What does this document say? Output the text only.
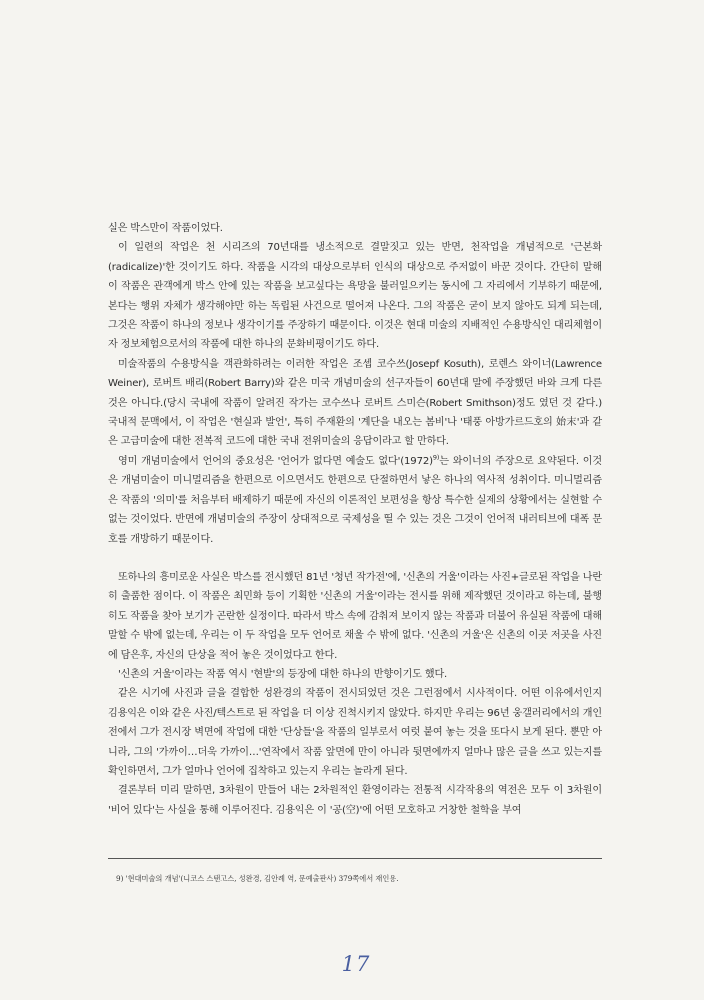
실은 박스만이 작품이었다.

이 일련의 작업은 천 시리즈의 70년대를 냉소적으로 결말짓고 있는 반면, 천작업을 개념적으로 '근본화(radicalize)'한 것이기도 하다. 작품을 시각의 대상으로부터 인식의 대상으로 주저없이 바꾼 것이다. 간단히 말해 이 작품은 관객에게 박스 안에 있는 작품을 보고싶다는 욕망을 불러일으키는 동시에 그 자리에서 기부하기 때문에, 본다는 행위 자체가 생각해야만 하는 독립된 사건으로 떨어져 나온다. 그의 작품은 굳이 보지 않아도 되게 되는데, 그것은 작품이 하나의 정보나 생각이기를 주장하기 때문이다. 이것은 현대 미술의 지배적인 수용방식인 대리체험이자 정보체험으로서의 작품에 대한 하나의 문화비평이기도 하다.

미술작품의 수용방식을 객관화하려는 이러한 작업은 조셉 코수쓰(Josepf Kosuth), 로렌스 와이너(Lawrence Weiner), 로버트 배리(Robert Barry)와 같은 미국 개념미술의 선구자들이 60년대 말에 주장했던 바와 크게 다른 것은 아니다.(당시 국내에 작품이 알려진 작가는 코수쓰나 로버트 스미슨(Robert Smithson)정도 였던 것 같다.) 국내적 문맥에서, 이 작업은 '현실과 발언', 특히 주재환의 '계단을 내오는 봄비'나 '태풍 아방가르드호의 始末'과 같은 고급미술에 대한 전복적 코드에 대한 국내 전위미술의 응답이라고 할 만하다.

영미 개념미술에서 언어의 중요성은 '언어가 없다면 예술도 없다'$(1972)^{9)}$는 와이너의 주장으로 요약된다. 이것은 개념미술이 미니멀리즘을 한편으로 이으면서도 한편으로 단절하면서 낳은 하나의 역사적 성취이다. 미니멀리즘은 작품의 '의미'를 처음부터 배제하기 때문에 자신의 이론적인 보편성을 항상 특수한 실제의 상황에서는 실현할 수 없는 것이었다. 반면에 개념미술의 주장이 상대적으로 국제성을 띨 수 있는 것은 그것이 언어적 내러티브에 대폭 문호를 개방하기 때문이다.

또하나의 흥미로운 사실은 박스를 전시했던 81년 '청년 작가전'에, '신촌의 거울'이라는 사진+글로된 작업을 나란히 출품한 점이다. 이 작품은 최민화 등이 기획한 '신촌의 거울'이라는 전시를 위해 제작했던 것이라고 하는데, 불행히도 작품을 찾아 보기가 곤란한 실정이다. 따라서 박스 속에 감춰져 보이지 않는 작품과 더불어 유실된 작품에 대해 말할 수 밖에 없는데, 우리는 이 두 작업을 모두 언어로 채울 수 밖에 없다. '신촌의 거울'은 신촌의 이곳 저곳을 사진에 담은후, 자신의 단상을 적어 놓은 것이었다고 한다.

'신촌의 거울'이라는 작품 역시 '현발'의 등장에 대한 하나의 반향이기도 했다.

같은 시기에 사진과 글을 결합한 성완경의 작품이 전시되었던 것은 그런점에서 시사적이다. 어떤 이유에서인지 김용익은 이와 같은 사진/텍스트로 된 작업을 더 이상 진척시키지 않았다. 하지만 우리는 96년 웅갤러리에서의 개인전에서 그가 전시장 벽면에 작업에 대한 '단상들'을 작품의 일부로서 여럿 붙여 놓는 것을 또다시 보게 된다. 뿐만 아니라, 그의 '가까이…더욱 가까이…'연작에서 작품 앞면에 만이 아니라 뒷면에까지 얼마나 많은 글을 쓰고 있는지를 확인하면서, 그가 얼마나 언어에 집착하고 있는지 우리는 놀라게 된다.

결론부터 미리 말하면, 3차원이 만들어 내는 2차원적인 환영이라는 전통적 시각작용의 역전은 모두 이 3차원이 '비어 있다'는 사실을 통해 이루어진다. 김용익은 이 '공(空)'에 어떤 모호하고 거창한 철학을 부여

9) '현대미술의 개념'(니코스 스탠고스, 성완경, 김안례 역, 문예출판사) 379쪽에서 재인용.
17
